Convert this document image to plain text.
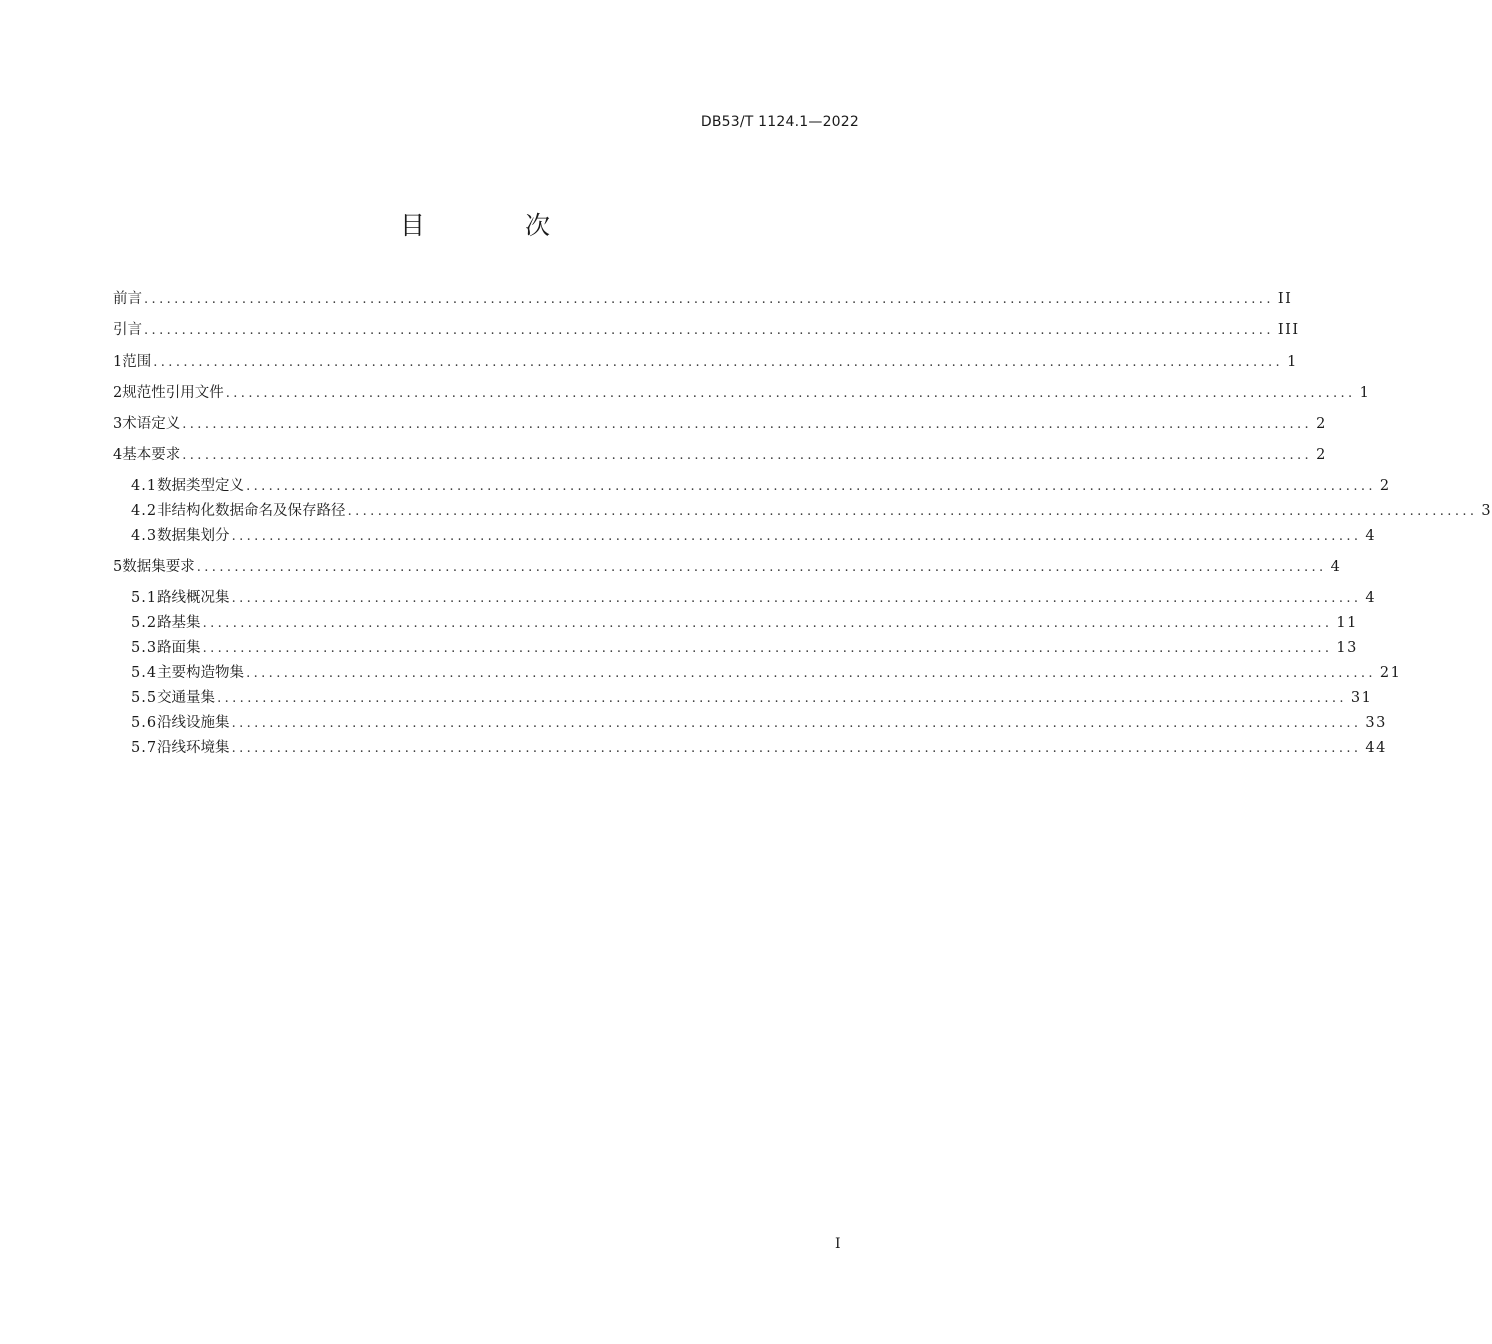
DB53/T 1124.1—2022
目 次
前言 ...................................................................................................................................................... II
引言 ...................................................................................................................................................... III
1 范围 ...................................................................................................................................................... 1
2 规范性引用文件 ...................................................................................................................................................... 1
3 术语定义 ...................................................................................................................................................... 2
4 基本要求 ...................................................................................................................................................... 2
4.1 数据类型定义 ...................................................................................................................................................... 2
4.2 非结构化数据命名及保存路径 ...................................................................................................................................................... 3
4.3 数据集划分 ...................................................................................................................................................... 4
5 数据集要求 ...................................................................................................................................................... 4
5.1 路线概况集 ...................................................................................................................................................... 4
5.2 路基集 ...................................................................................................................................................... 11
5.3 路面集 ...................................................................................................................................................... 13
5.4 主要构造物集 ...................................................................................................................................................... 21
5.5 交通量集 ...................................................................................................................................................... 31
5.6 沿线设施集 ...................................................................................................................................................... 33
5.7 沿线环境集 ...................................................................................................................................................... 44
I
